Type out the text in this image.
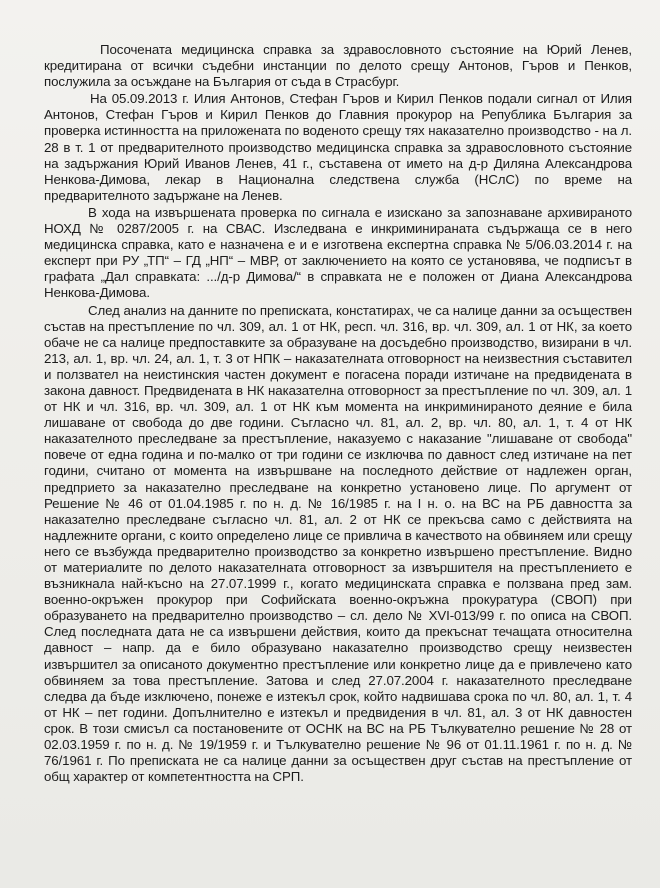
Посочената медицинска справка за здравословното състояние на Юрий Ленев, кредитирана от всички съдебни инстанции по делото срещу Антонов, Гъров и Пенков, послужила за осъждане на България от съда в Страсбург.

На 05.09.2013 г. Илия Антонов, Стефан Гъров и Кирил Пенков подали сигнал от Илия Антонов, Стефан Гъров и Кирил Пенков до Главния прокурор на Република България за проверка истинността на приложената по воденото срещу тях наказателно производство - на л. 28 в т. 1 от предварителното производство медицинска справка за здравословното състояние на задържания Юрий Иванов Ленев, 41 г., съставена от името на д-р Диляна Александрова Ненкова-Димова, лекар в Национална следствена служба (НСлС) по време на предварителното задържане на Ленев.

В хода на извършената проверка по сигнала е изискано за запознаване архивираното НОХД № 0287/2005 г. на СВАС. Изследвана е инкриминираната съдържаща се в него медицинска справка, като е назначена е и е изготвена експертна справка № 5/06.03.2014 г. на експерт при РУ „ТП“ – ГД „НП“ – МВР, от заключението на която се установява, че подписът в графата „Дал справката: .../д-р Димова/“ в справката не е положен от Диана Александрова Ненкова-Димова.

След анализ на данните по преписката, констатирах, че са налице данни за осъществен състав на престъпление по чл. 309, ал. 1 от НК, респ. чл. 316, вр. чл. 309, ал. 1 от НК, за което обаче не са налице предпоставките за образуване на досъдебно производство, визирани в чл. 213, ал. 1, вр. чл. 24, ал. 1, т. 3 от НПК – наказателната отговорност на неизвестния съставител и ползвател на неистинския частен документ е погасена поради изтичане на предвидената в закона давност. Предвидената в НК наказателна отговорност за престъпление по чл. 309, ал. 1 от НК и чл. 316, вр. чл. 309, ал. 1 от НК към момента на инкриминираното деяние е била лишаване от свобода до две години. Съгласно чл. 81, ал. 2, вр. чл. 80, ал. 1, т. 4 от НК наказателното преследване за престъпление, наказуемо с наказание "лишаване от свобода" повече от една година и по-малко от три години се изключва по давност след изтичане на пет години, считано от момента на извършване на последното действие от надлежен орган, предприето за наказателно преследване на конкретно установено лице. По аргумент от Решение № 46 от 01.04.1985 г. по н. д. № 16/1985 г. на I н. о. на ВС на РБ давността за наказателно преследване съгласно чл. 81, ал. 2 от НК се прекъсва само с действията на надлежните органи, с които определено лице се привлича в качеството на обвиняем или срещу него се възбужда предварително производство за конкретно извършено престъпление. Видно от материалите по делото наказателната отговорност за извършителя на престъплението е възникнала най-късно на 27.07.1999 г., когато медицинската справка е ползвана пред зам. военно-окръжен прокурор при Софийската военно-окръжна прокуратура (СВОП) при образуването на предварително производство – сл. дело № XVI-013/99 г. по описа на СВОП. След последната дата не са извършени действия, които да прекъснат течащата относителна давност – напр. да е било образувано наказателно производство срещу неизвестен извършител за описаното документно престъпление или конкретно лице да е привлечено като обвиняем за това престъпление. Затова и след 27.07.2004 г. наказателното преследване следва да бъде изключено, понеже е изтекъл срок, който надвишава срока по чл. 80, ал. 1, т. 4 от НК – пет години. Допълнително е изтекъл и предвидения в чл. 81, ал. 3 от НК давностен срок. В този смисъл са постановените от ОСНК на ВС на РБ Тълкувателно решение № 28 от 02.03.1959 г. по н. д. № 19/1959 г. и Тълкувателно решение № 96 от 01.11.1961 г. по н. д. № 76/1961 г. По преписката не са налице данни за осъществен друг състав на престъпление от общ характер от компетентността на СРП.
